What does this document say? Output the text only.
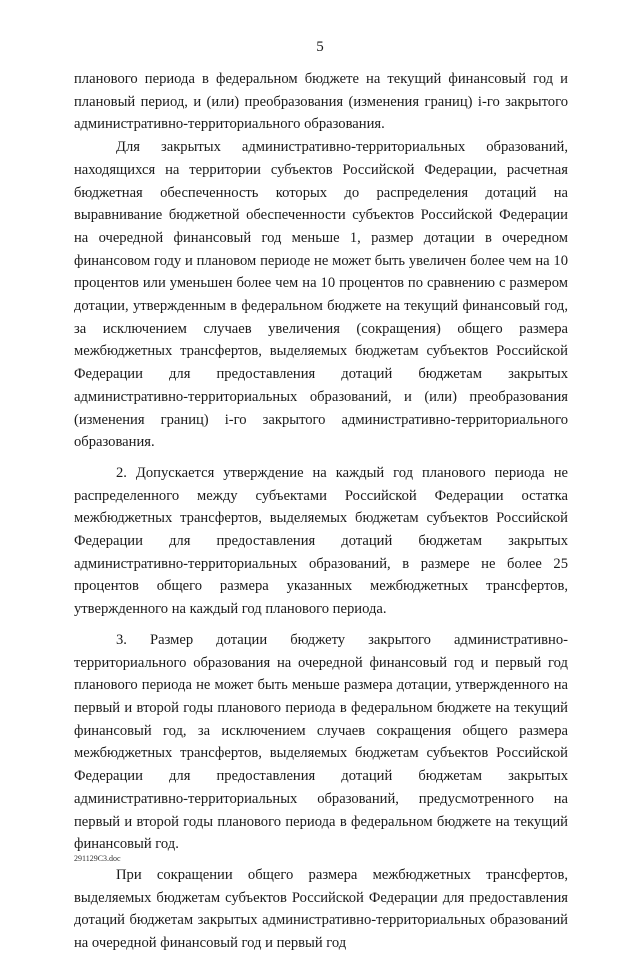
5

планового периода в федеральном бюджете на текущий финансовый год и плановый период, и (или) преобразования (изменения границ) i-го закрытого административно-территориального образования.

Для закрытых административно-территориальных образований, находящихся на территории субъектов Российской Федерации, расчетная бюджетная обеспеченность которых до распределения дотаций на выравнивание бюджетной обеспеченности субъектов Российской Федерации на очередной финансовый год меньше 1, размер дотации в очередном финансовом году и плановом периоде не может быть увеличен более чем на 10 процентов или уменьшен более чем на 10 процентов по сравнению с размером дотации, утвержденным в федеральном бюджете на текущий финансовый год, за исключением случаев увеличения (сокращения) общего размера межбюджетных трансфертов, выделяемых бюджетам субъектов Российской Федерации для предоставления дотаций бюджетам закрытых административно-территориальных образований, и (или) преобразования (изменения границ) i-го закрытого административно-территориального образования.

2. Допускается утверждение на каждый год планового периода не распределенного между субъектами Российской Федерации остатка межбюджетных трансфертов, выделяемых бюджетам субъектов Российской Федерации для предоставления дотаций бюджетам закрытых административно-территориальных образований, в размере не более 25 процентов общего размера указанных межбюджетных трансфертов, утвержденного на каждый год планового периода.

3. Размер дотации бюджету закрытого административно-территориального образования на очередной финансовый год и первый год планового периода не может быть меньше размера дотации, утвержденного на первый и второй годы планового периода в федеральном бюджете на текущий финансовый год, за исключением случаев сокращения общего размера межбюджетных трансфертов, выделяемых бюджетам субъектов Российской Федерации для предоставления дотаций бюджетам закрытых административно-территориальных образований, предусмотренного на первый и второй годы планового периода в федеральном бюджете на текущий финансовый год.

При сокращении общего размера межбюджетных трансфертов, выделяемых бюджетам субъектов Российской Федерации для предоставления дотаций бюджетам закрытых административно-территориальных образований на очередной финансовый год и первый год

291129C3.doc
